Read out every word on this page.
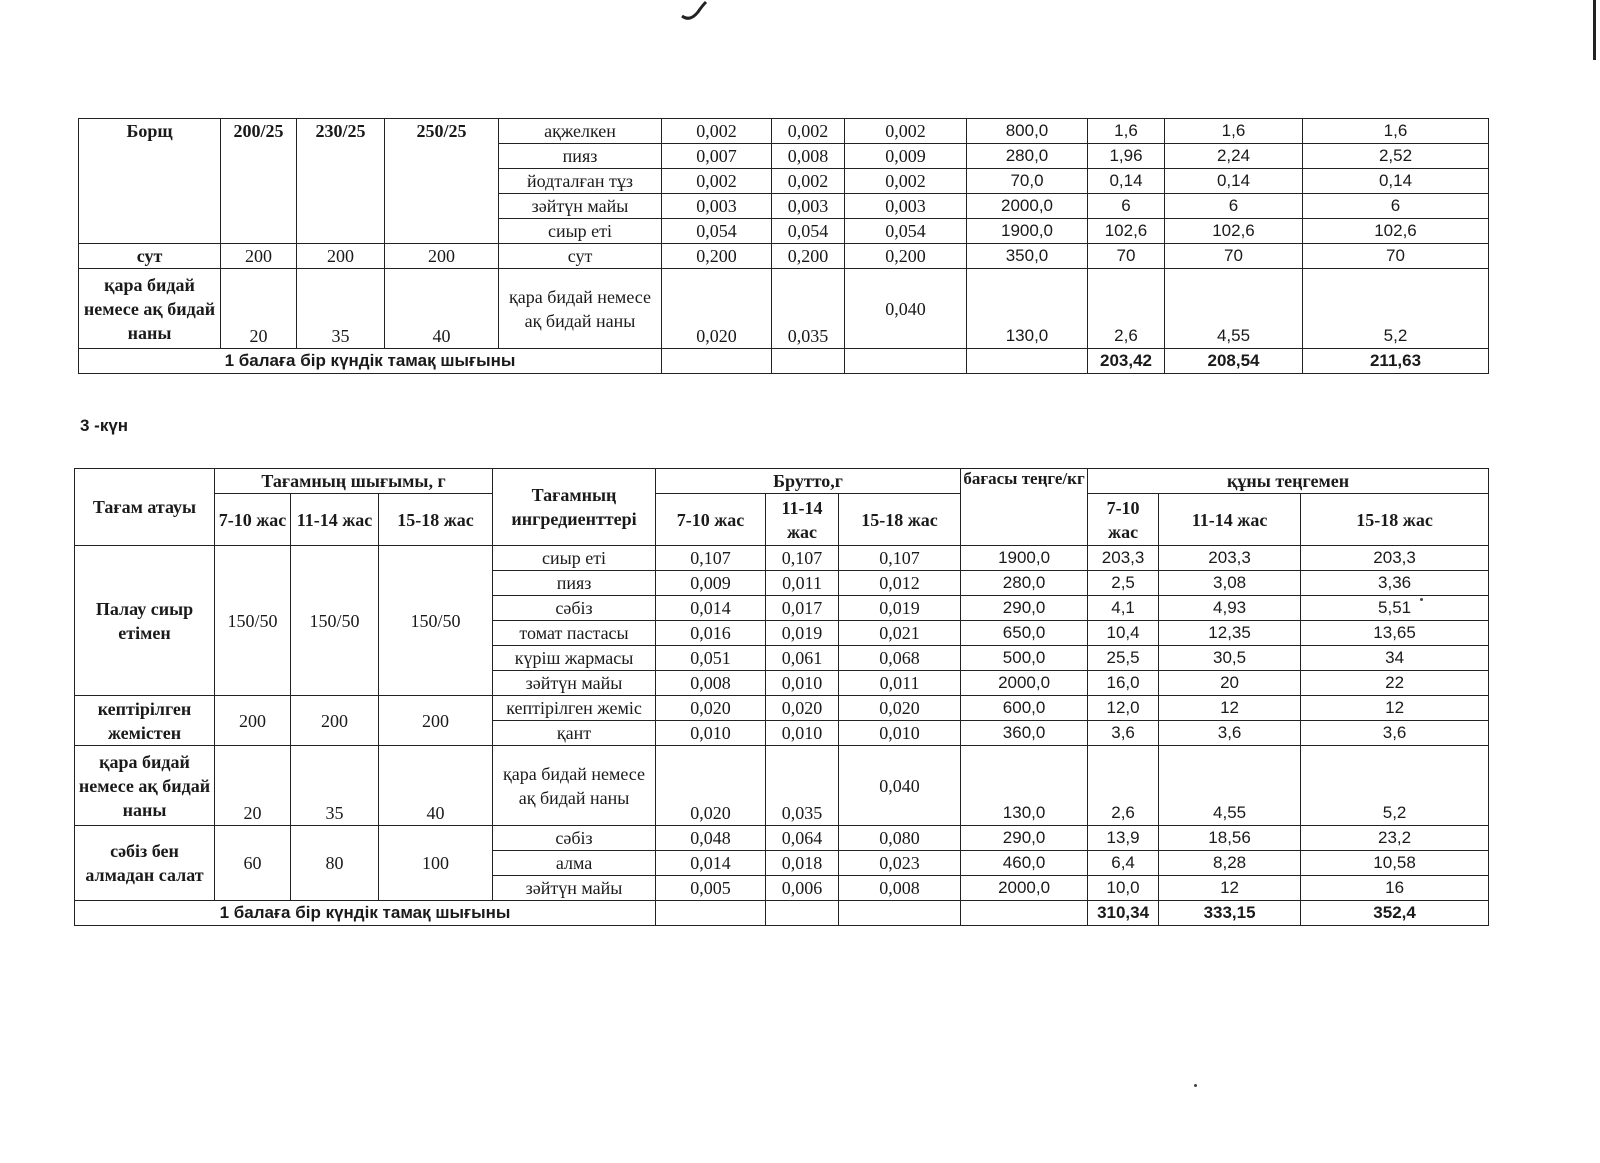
Борщ	200/25	230/25	250/25	ақжелкен	0,002	0,002	0,002	800,0	1,6	1,6	1,6
				пияз	0,007	0,008	0,009	280,0	1,96	2,24	2,52
				йодталған тұз	0,002	0,002	0,002	70,0	0,14	0,14	0,14
				зәйтүн майы	0,003	0,003	0,003	2000,0	6	6	6
				сиыр еті	0,054	0,054	0,054	1900,0	102,6	102,6	102,6
сут	200	200	200	сут	0,200	0,200	0,200	350,0	70	70	70
қара бидай немесе ақ бидай наны	20	35	40	қара бидай немесе ақ бидай наны	0,020	0,035	0,040	130,0	2,6	4,55	5,2
1 балаға бір күндік тамақ шығыны									203,42	208,54	211,63
3 -күн
Тағам атауы	Тағамның шығымы, г			Тағамның ингредиенттері	Брутто,г			бағасы теңге/кг	құны теңгемен		
	7-10 жас	11-14 жас	15-18 жас		7-10 жас	11-14 жас	15-18 жас		7-10 жас	11-14 жас	15-18 жас
Палау сиыр етімен	150/50	150/50	150/50	сиыр еті	0,107	0,107	0,107	1900,0	203,3	203,3	203,3
				пияз	0,009	0,011	0,012	280,0	2,5	3,08	3,36
				сәбіз	0,014	0,017	0,019	290,0	4,1	4,93	5,51
				томат пастасы	0,016	0,019	0,021	650,0	10,4	12,35	13,65
				күріш жармасы	0,051	0,061	0,068	500,0	25,5	30,5	34
				зәйтүн майы	0,008	0,010	0,011	2000,0	16,0	20	22
кептірілген жемістен	200	200	200	кептірілген жеміс	0,020	0,020	0,020	600,0	12,0	12	12
				қант	0,010	0,010	0,010	360,0	3,6	3,6	3,6
қара бидай немесе ақ бидай наны	20	35	40	қара бидай немесе ақ бидай наны	0,020	0,035	0,040	130,0	2,6	4,55	5,2
сәбіз бен алмадан салат	60	80	100	сәбіз	0,048	0,064	0,080	290,0	13,9	18,56	23,2
				алма	0,014	0,018	0,023	460,0	6,4	8,28	10,58
				зәйтүн майы	0,005	0,006	0,008	2000,0	10,0	12	16
1 балаға бір күндік тамақ шығыны									310,34	333,15	352,4
